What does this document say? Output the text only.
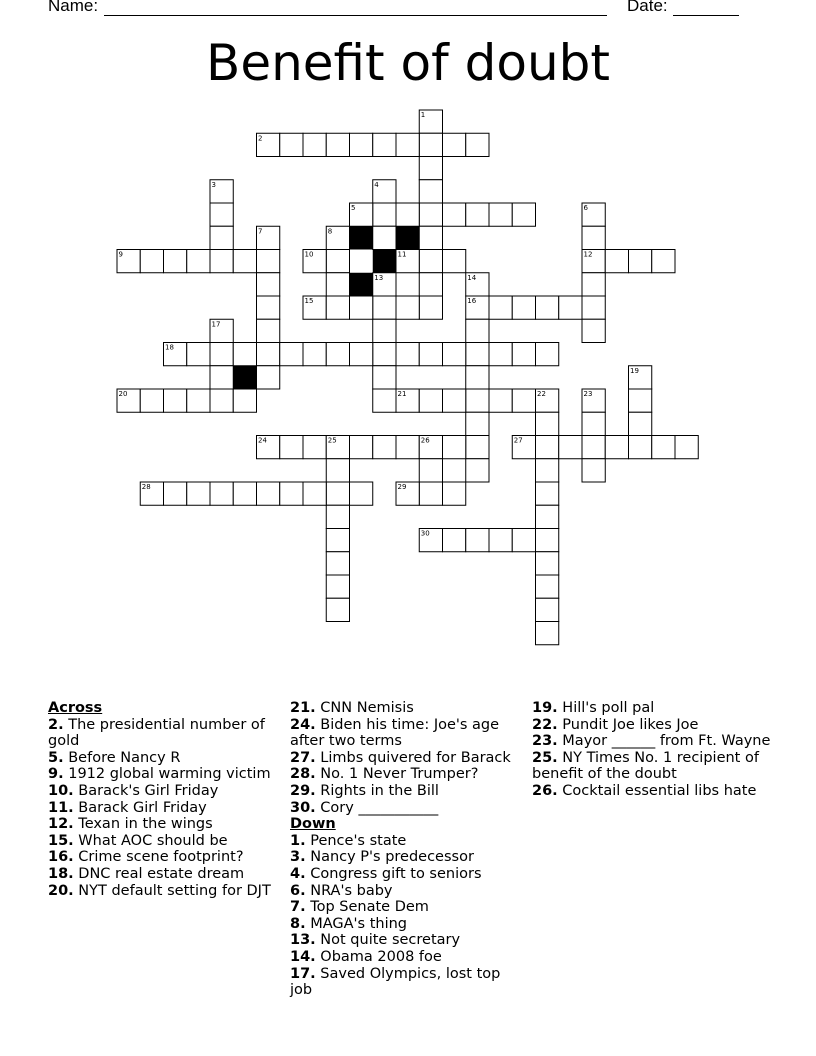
Name:	Date:
Benefit of doubt
1
2
3	4
13
5	6
12
7	8
9	10	11
14
16
15
17
18
19
20	21	22	23
24	25	26	27
28	29
30
Across
2. The presidential number of gold
5. Before Nancy R
9. 1912 global warming victim
10. Barack's Girl Friday
11. Barack Girl Friday
12. Texan in the wings
15. What AOC should be
16. Crime scene footprint?
18. DNC real estate dream
20. NYT default setting for DJT
21. CNN Nemisis
24. Biden his time: Joe's age after two terms
27. Limbs quivered for Barack
28. No. 1 Never Trumper?
29. Rights in the Bill
30. Cory ___________
Down
1. Pence's state
3. Nancy P's predecessor
4. Congress gift to seniors
6. NRA's baby
7. Top Senate Dem
8. MAGA's thing
13. Not quite secretary
14. Obama 2008 foe
17. Saved Olympics, lost top job
19. Hill's poll pal
22. Pundit Joe likes Joe
23. Mayor ______ from Ft. Wayne
25. NY Times No. 1 recipient of benefit of the doubt
26. Cocktail essential libs hate
